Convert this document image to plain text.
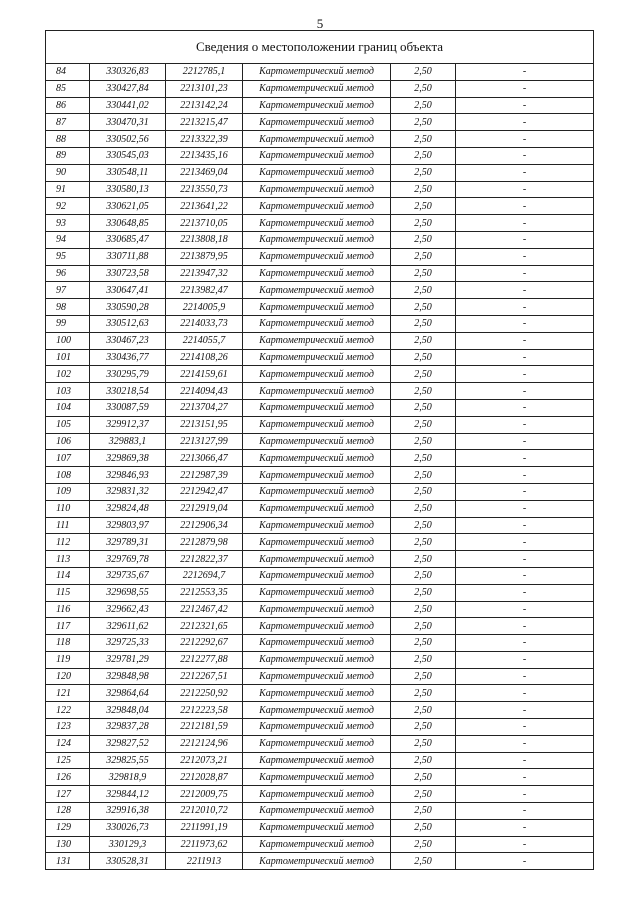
5
Сведения о местоположении границ объекта
84	330326,83	2212785,1	Картометрический метод	2,50	-
85	330427,84	2213101,23	Картометрический метод	2,50	-
86	330441,02	2213142,24	Картометрический метод	2,50	-
87	330470,31	2213215,47	Картометрический метод	2,50	-
88	330502,56	2213322,39	Картометрический метод	2,50	-
89	330545,03	2213435,16	Картометрический метод	2,50	-
90	330548,11	2213469,04	Картометрический метод	2,50	-
91	330580,13	2213550,73	Картометрический метод	2,50	-
92	330621,05	2213641,22	Картометрический метод	2,50	-
93	330648,85	2213710,05	Картометрический метод	2,50	-
94	330685,47	2213808,18	Картометрический метод	2,50	-
95	330711,88	2213879,95	Картометрический метод	2,50	-
96	330723,58	2213947,32	Картометрический метод	2,50	-
97	330647,41	2213982,47	Картометрический метод	2,50	-
98	330590,28	2214005,9	Картометрический метод	2,50	-
99	330512,63	2214033,73	Картометрический метод	2,50	-
100	330467,23	2214055,7	Картометрический метод	2,50	-
101	330436,77	2214108,26	Картометрический метод	2,50	-
102	330295,79	2214159,61	Картометрический метод	2,50	-
103	330218,54	2214094,43	Картометрический метод	2,50	-
104	330087,59	2213704,27	Картометрический метод	2,50	-
105	329912,37	2213151,95	Картометрический метод	2,50	-
106	329883,1	2213127,99	Картометрический метод	2,50	-
107	329869,38	2213066,47	Картометрический метод	2,50	-
108	329846,93	2212987,39	Картометрический метод	2,50	-
109	329831,32	2212942,47	Картометрический метод	2,50	-
110	329824,48	2212919,04	Картометрический метод	2,50	-
111	329803,97	2212906,34	Картометрический метод	2,50	-
112	329789,31	2212879,98	Картометрический метод	2,50	-
113	329769,78	2212822,37	Картометрический метод	2,50	-
114	329735,67	2212694,7	Картометрический метод	2,50	-
115	329698,55	2212553,35	Картометрический метод	2,50	-
116	329662,43	2212467,42	Картометрический метод	2,50	-
117	329611,62	2212321,65	Картометрический метод	2,50	-
118	329725,33	2212292,67	Картометрический метод	2,50	-
119	329781,29	2212277,88	Картометрический метод	2,50	-
120	329848,98	2212267,51	Картометрический метод	2,50	-
121	329864,64	2212250,92	Картометрический метод	2,50	-
122	329848,04	2212223,58	Картометрический метод	2,50	-
123	329837,28	2212181,59	Картометрический метод	2,50	-
124	329827,52	2212124,96	Картометрический метод	2,50	-
125	329825,55	2212073,21	Картометрический метод	2,50	-
126	329818,9	2212028,87	Картометрический метод	2,50	-
127	329844,12	2212009,75	Картометрический метод	2,50	-
128	329916,38	2212010,72	Картометрический метод	2,50	-
129	330026,73	2211991,19	Картометрический метод	2,50	-
130	330129,3	2211973,62	Картометрический метод	2,50	-
131	330528,31	2211913	Картометрический метод	2,50	-
